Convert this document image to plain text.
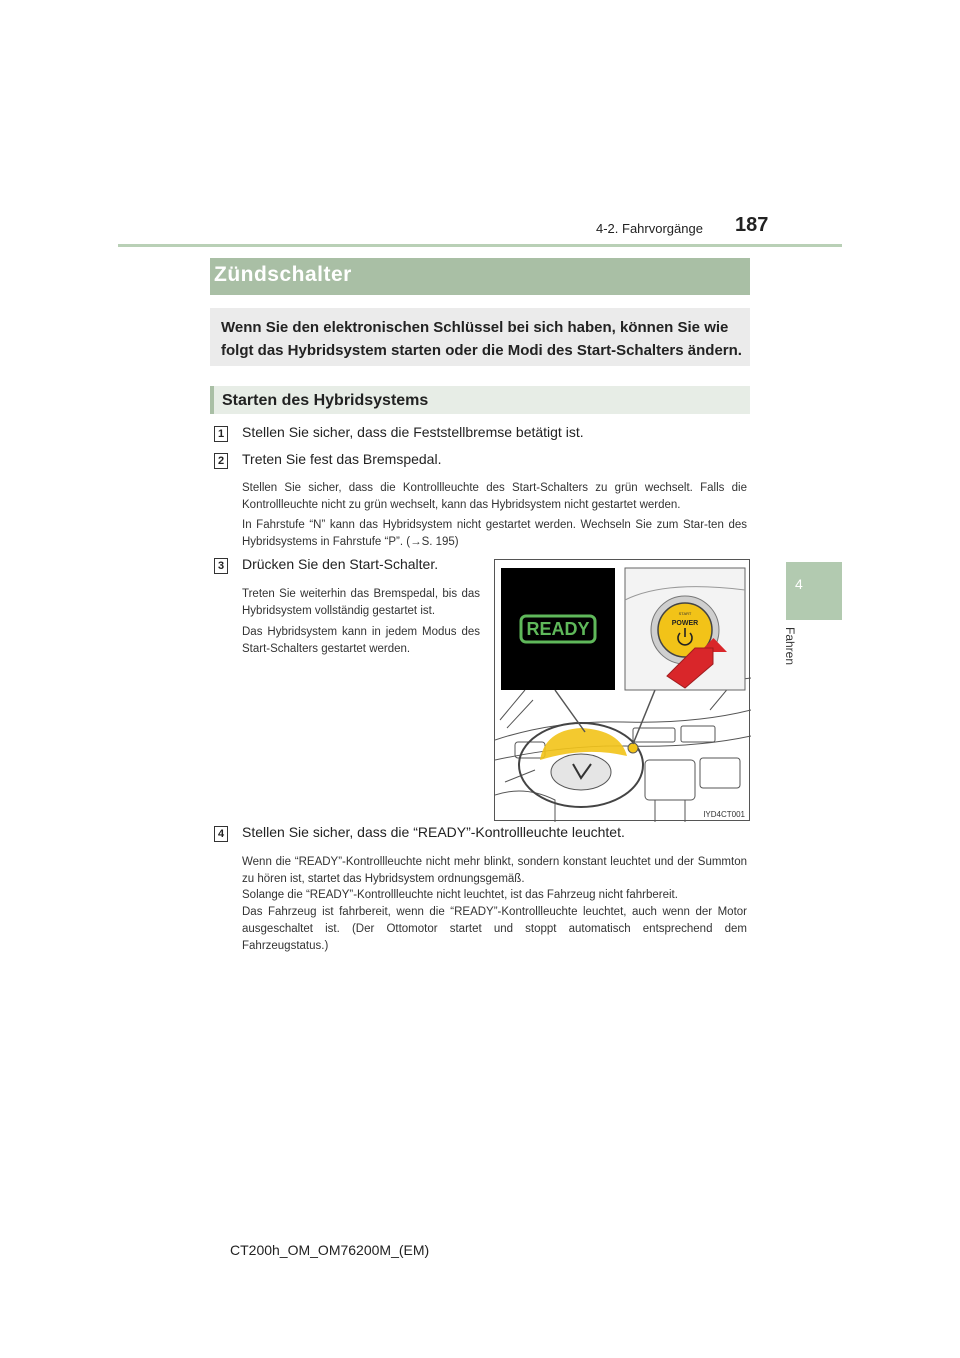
4-2. Fahrvorgänge 187
4
Fahren
Zündschalter
Wenn Sie den elektronischen Schlüssel bei sich haben, können Sie wie folgt das Hybridsystem starten oder die Modi des Start-Schalters ändern.
Starten des Hybridsystems
1 Stellen Sie sicher, dass die Feststellbremse betätigt ist.
2 Treten Sie fest das Bremspedal.
Stellen Sie sicher, dass die Kontrollleuchte des Start-Schalters zu grün wechselt. Falls die Kontrollleuchte nicht zu grün wechselt, kann das Hybridsystem nicht gestartet werden.
In Fahrstufe “N” kann das Hybridsystem nicht gestartet werden. Wechseln Sie zum Star-ten des Hybridsystems in Fahrstufe “P”. (→S. 195)
3 Drücken Sie den Start-Schalter.
Treten Sie weiterhin das Bremspedal, bis das Hybridsystem vollständig gestartet ist.
Das Hybridsystem kann in jedem Modus des Start-Schalters gestartet werden.
READY
START
POWER
IYD4CT001
4 Stellen Sie sicher, dass die “READY”-Kontrollleuchte leuchtet.
Wenn die “READY”-Kontrollleuchte nicht mehr blinkt, sondern konstant leuchtet und der Summton zu hören ist, startet das Hybridsystem ordnungsgemäß.
Solange die “READY”-Kontrollleuchte nicht leuchtet, ist das Fahrzeug nicht fahrbereit.
Das Fahrzeug ist fahrbereit, wenn die “READY”-Kontrollleuchte leuchtet, auch wenn der Motor ausgeschaltet ist. (Der Ottomotor startet und stoppt automatisch entsprechend dem Fahrzeugstatus.)
CT200h_OM_OM76200M_(EM)
